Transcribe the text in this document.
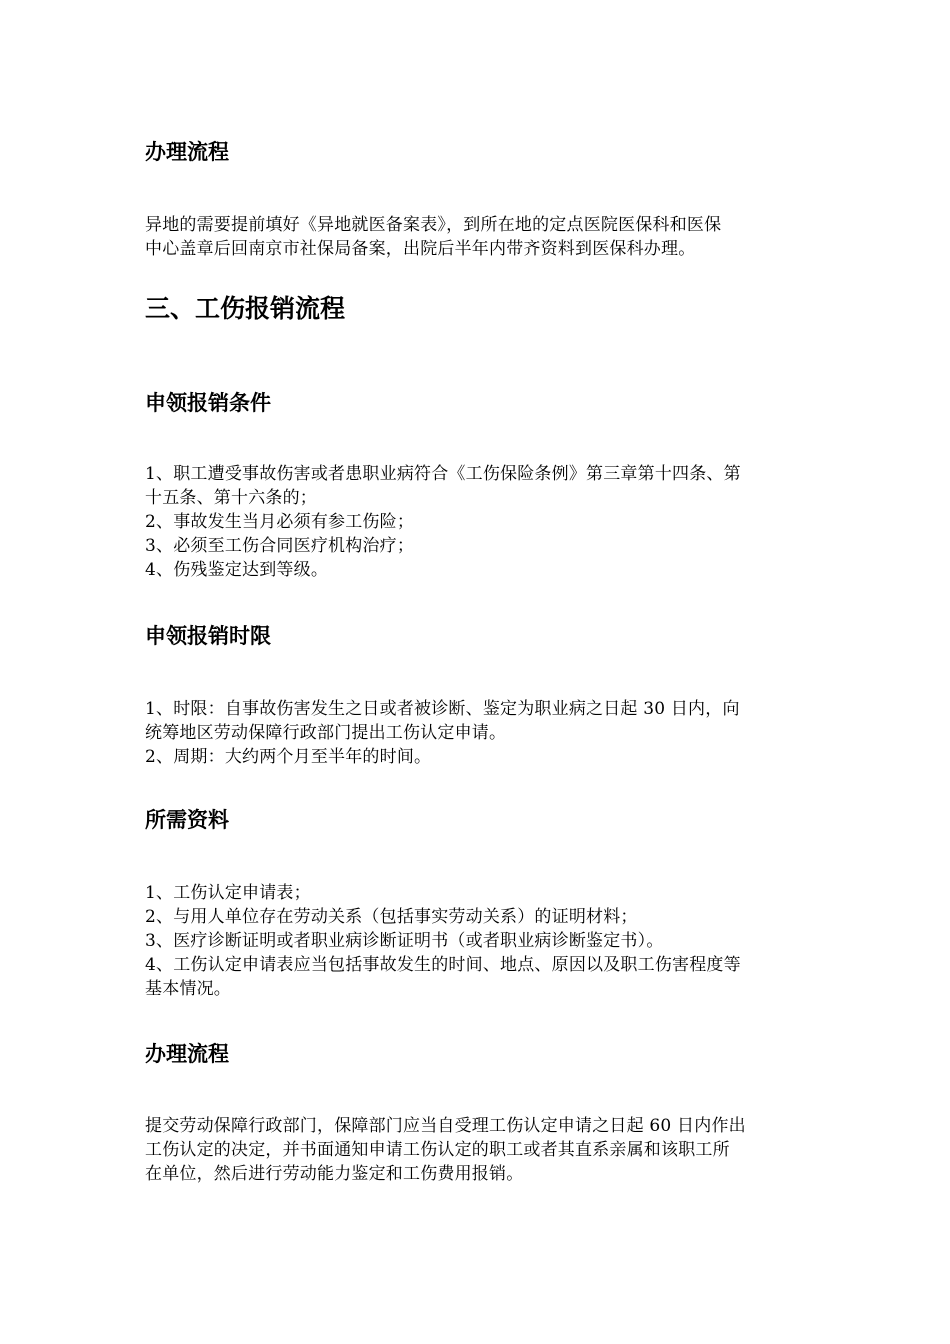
办理流程
异地的需要提前填好《异地就医备案表》，到所在地的定点医院医保科和医保
中心盖章后回南京市社保局备案，出院后半年内带齐资料到医保科办理。
三、工伤报销流程
申领报销条件
1、职工遭受事故伤害或者患职业病符合《工伤保险条例》第三章第十四条、第
十五条、第十六条的；
2、事故发生当月必须有参工伤险；
3、必须至工伤合同医疗机构治疗；
4、伤残鉴定达到等级。
申领报销时限
1、时限：自事故伤害发生之日或者被诊断、鉴定为职业病之日起 30 日内，向
统筹地区劳动保障行政部门提出工伤认定申请。
2、周期：大约两个月至半年的时间。
所需资料
1、工伤认定申请表；
2、与用人单位存在劳动关系（包括事实劳动关系）的证明材料；
3、医疗诊断证明或者职业病诊断证明书（或者职业病诊断鉴定书）。
4、工伤认定申请表应当包括事故发生的时间、地点、原因以及职工伤害程度等
基本情况。
办理流程
提交劳动保障行政部门，保障部门应当自受理工伤认定申请之日起 60 日内作出
工伤认定的决定，并书面通知申请工伤认定的职工或者其直系亲属和该职工所
在单位，然后进行劳动能力鉴定和工伤费用报销。
